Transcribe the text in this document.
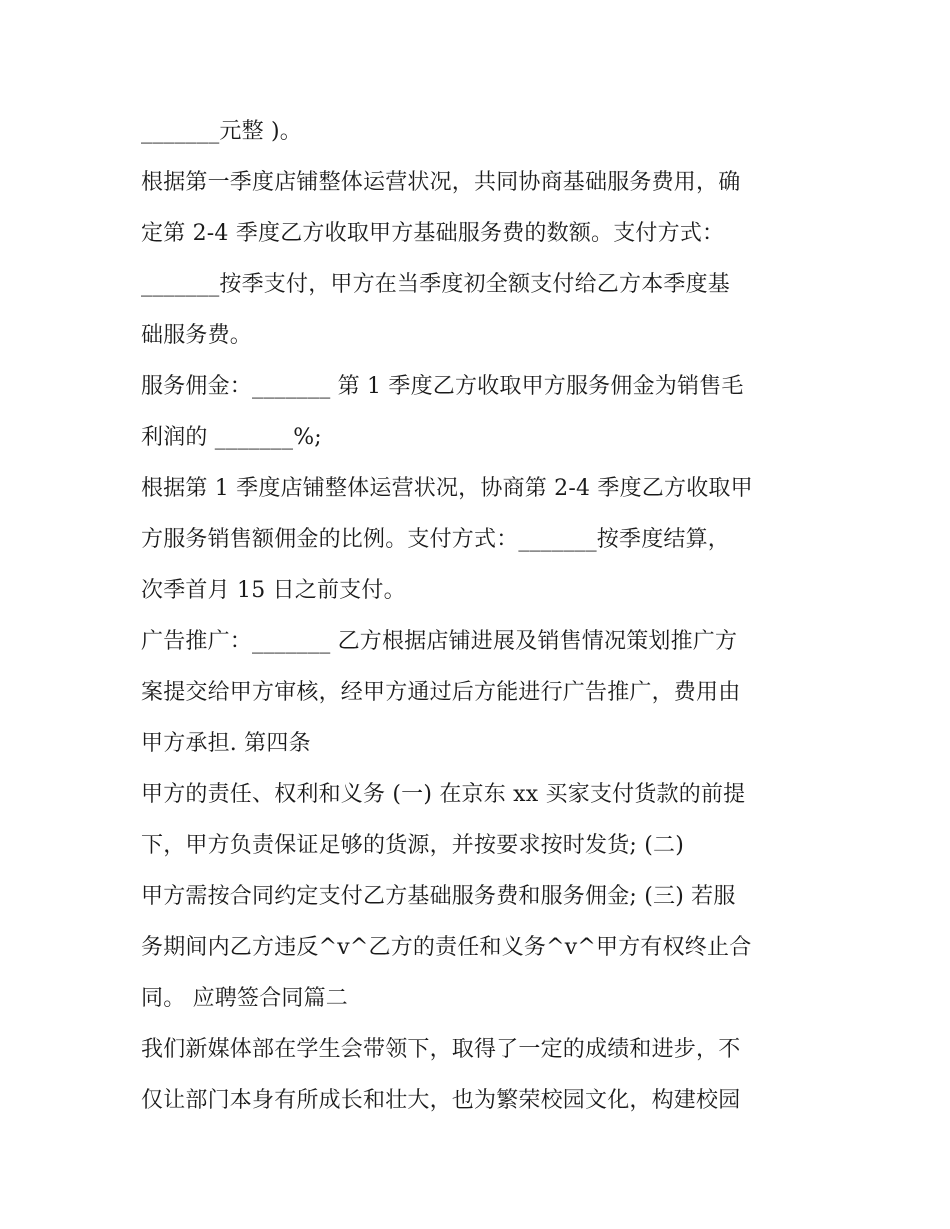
_______元整 )。
根据第一季度店铺整体运营状况，共同协商基础服务费用，确
定第 2-4 季度乙方收取甲方基础服务费的数额。支付方式：
_______按季支付，甲方在当季度初全额支付给乙方本季度基
础服务费。
服务佣金：_______ 第 1 季度乙方收取甲方服务佣金为销售毛
利润的 _______%;
根据第 1 季度店铺整体运营状况，协商第 2-4 季度乙方收取甲
方服务销售额佣金的比例。支付方式：_______按季度结算，
次季首月 15 日之前支付。
广告推广：_______ 乙方根据店铺进展及销售情况策划推广方
案提交给甲方审核，经甲方通过后方能进行广告推广，费用由
甲方承担. 第四条
甲方的责任、权利和义务 (一) 在京东 xx 买家支付货款的前提
下，甲方负责保证足够的货源，并按要求按时发货; (二)
甲方需按合同约定支付乙方基础服务费和服务佣金; (三) 若服
务期间内乙方违反^v^乙方的责任和义务^v^甲方有权终止合
同。 应聘签合同篇二
我们新媒体部在学生会带领下，取得了一定的成绩和进步，不
仅让部门本身有所成长和壮大，也为繁荣校园文化，构建校园
